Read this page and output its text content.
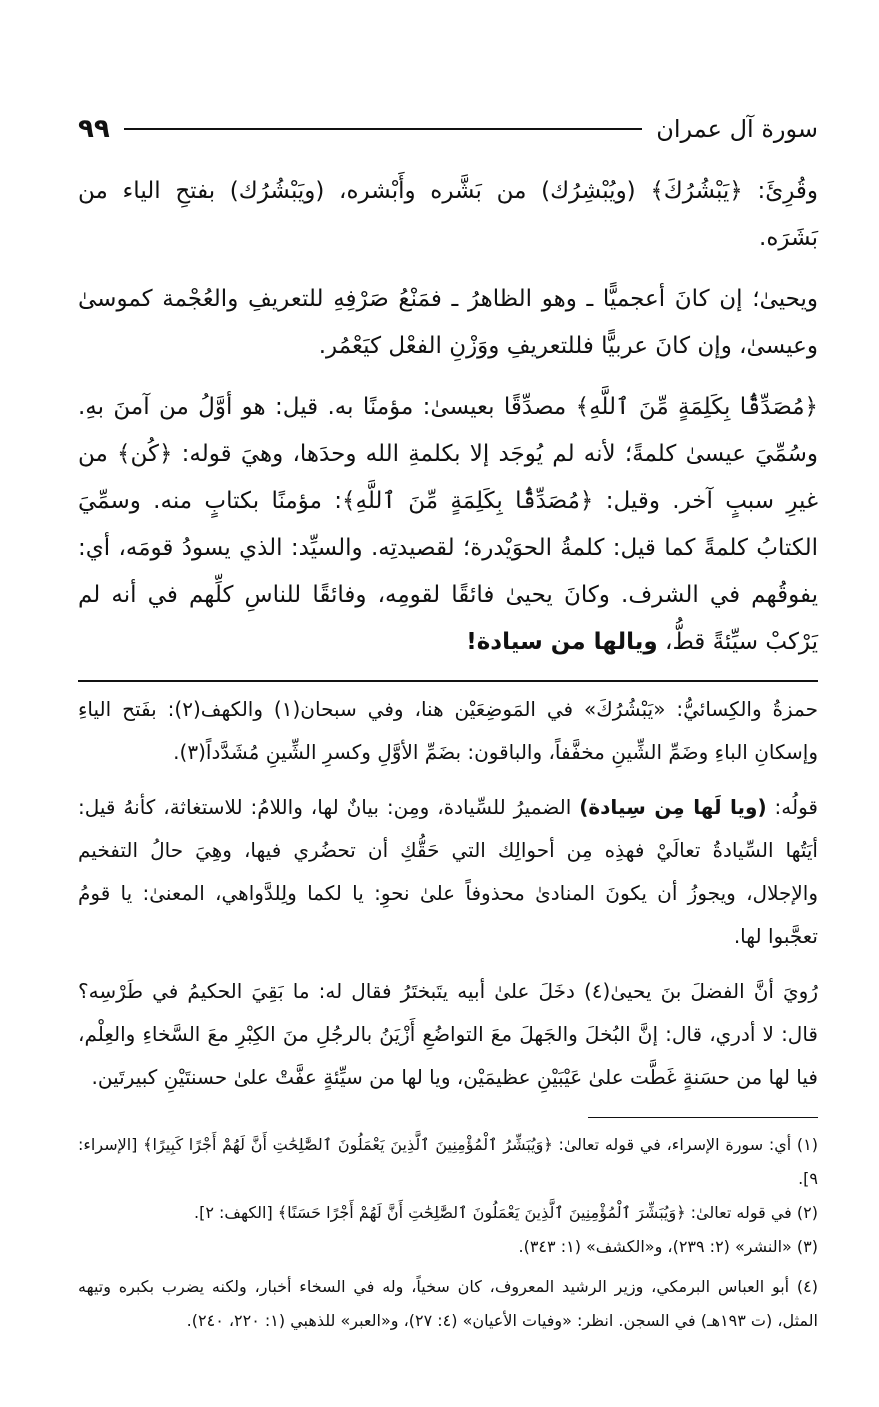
سورة آل عمران
٩٩

وقُرِئَ: ﴿يَبْشُرُكَ﴾ (ويُبْشِرُك) من بَشَّره وأَبْشره، (ويَبْشُرُك) بفتحِ الياء من بَشَرَه.

ويحيىٰ؛ إن كانَ أعجميًّا ـ وهو الظاهرُ ـ فمَنْعُ صَرْفِهِ للتعريفِ والعُجْمة كموسىٰ وعيسىٰ، وإن كانَ عربيًّا فللتعريفِ ووَزْنِ الفعْل كيَعْمُر.

﴿مُصَدِّقًۢا بِكَلِمَةٍ مِّنَ ٱللَّهِ﴾ مصدِّقًا بعيسىٰ: مؤمنًا به. قيل: هو أوَّلُ من آمنَ بهِ. وسُمِّيَ عيسىٰ كلمةً؛ لأنه لم يُوجَد إلا بكلمةِ الله وحدَها، وهيَ قوله: ﴿كُن﴾ من غيرِ سببٍ آخر. وقيل: ﴿مُصَدِّقًۢا بِكَلِمَةٍ مِّنَ ٱللَّهِ﴾: مؤمنًا بكتابٍ منه. وسمِّيَ الكتابُ كلمةً كما قيل: كلمةُ الحوَيْدرة؛ لقصيدتِه. والسيِّد: الذي يسودُ قومَه، أي: يفوقُهم في الشرف. وكانَ يحيىٰ فائقًا لقومِه، وفائقًا للناسِ كلِّهم في أنه لم يَرْكبْ سيِّئةً قطُّ، ويالها من سيادة!

حمزةُ والكِسائيُّ: «يَبْشُرُكَ» في المَوضِعَيْن هنا، وفي سبحان(١) والكهف(٢): بفَتح الياءِ وإسكانِ الباءِ وضَمِّ الشِّينِ مخفَّفاً، والباقون: بضَمِّ الأوَّلِ وكسرِ الشِّينِ مُشَدَّداً(٣).

قولُه: (ويا لَها مِن سِيادة) الضميرُ للسِّيادة، ومِن: بيانٌ لها، واللامُ: للاستغاثة، كأنهُ قيل: أيَتُها السِّيادةُ تعالَيْ فهذِه مِن أحوالِك التي حَقُّكِ أن تحضُري فيها، وهِيَ حالُ التفخيم والإجلال، ويجوزُ أن يكونَ المنادىٰ محذوفاً علىٰ نحوِ: يا لكما ولِلدَّواهي، المعنىٰ: يا قومُ تعجَّبوا لها.

رُويَ أنَّ الفضلَ بنَ يحيىٰ(٤) دخَلَ علىٰ أبيه يتَبختَرُ فقال له: ما بَقِيَ الحكيمُ في طَرْسِه؟ قال: لا أدري، قال: إنَّ البُخلَ والجَهلَ معَ التواضُعِ أَزْيَنُ بالرجُلِ منَ الكِبْرِ معَ السَّخاءِ والعِلْم، فيا لها من حسَنةٍ غَطَّت علىٰ عَيْبَيْنِ عظيمَيْن، ويا لها من سيِّئةٍ عفَّتْ علىٰ حسنتَيْنِ كبيرتَين.

(١) أي: سورة الإسراء، في قوله تعالىٰ: ﴿وَيُبَشِّرُ ٱلْمُؤْمِنِينَ ٱلَّذِينَ يَعْمَلُونَ ٱلصَّٰلِحَٰتِ أَنَّ لَهُمْ أَجْرًا كَبِيرًا﴾ [الإسراء: ٩].

(٢) في قوله تعالىٰ: ﴿وَيُبَشِّرَ ٱلْمُؤْمِنِينَ ٱلَّذِينَ يَعْمَلُونَ ٱلصَّٰلِحَٰتِ أَنَّ لَهُمْ أَجْرًا حَسَنًا﴾ [الكهف: ٢].

(٣) «النشر» (٢: ٢٣٩)، و«الكشف» (١: ٣٤٣).

(٤) أبو العباس البرمكي، وزير الرشيد المعروف، كان سخياً، وله في السخاء أخبار، ولكنه يضرب بكبره وتيهه المثل، (ت ١٩٣هـ) في السجن. انظر: «وفيات الأعيان» (٤: ٢٧)، و«العبر» للذهبي (١: ٢٢٠، ٢٤٠).
